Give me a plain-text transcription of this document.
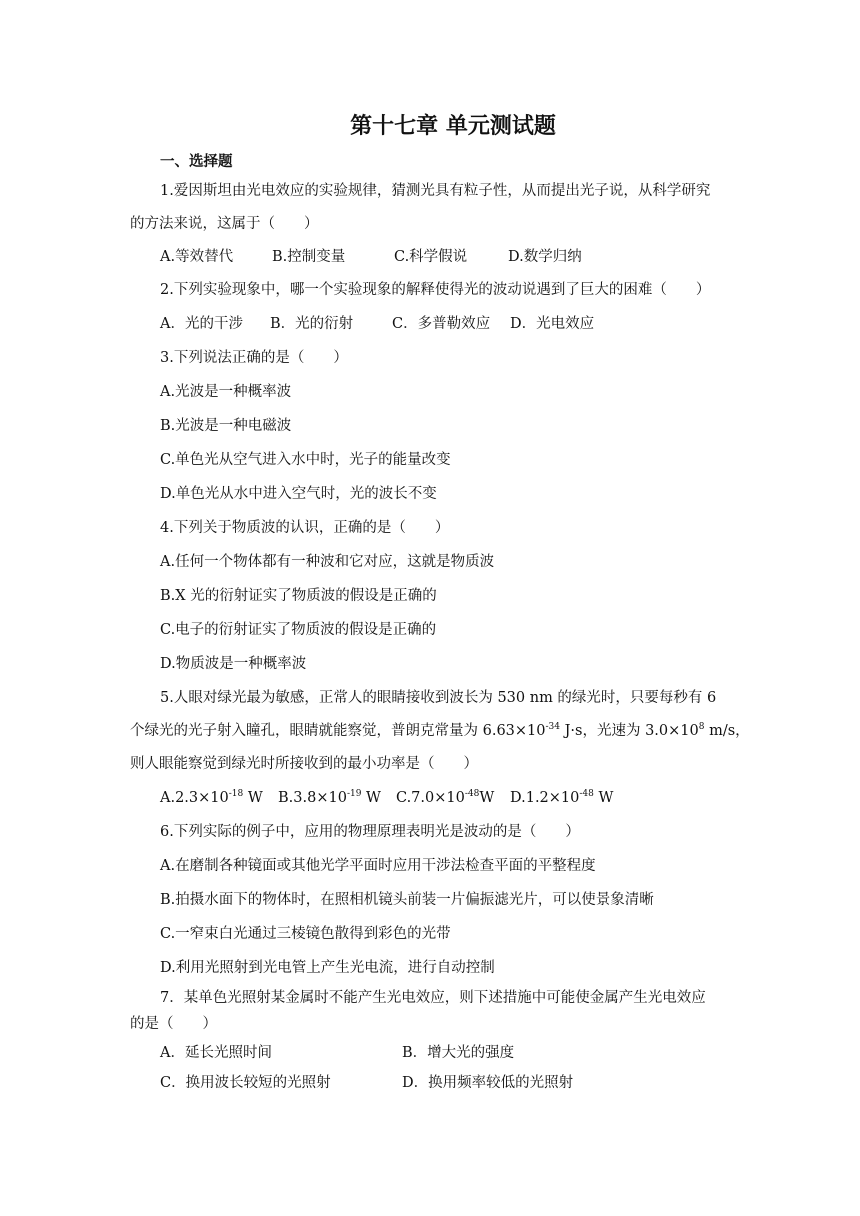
第十七章 单元测试题
一、选择题
1.爱因斯坦由光电效应的实验规律，猜测光具有粒子性，从而提出光子说，从科学研究
的方法来说，这属于（　　）
A.等效替代	B.控制变量	C.科学假说	D.数学归纳
2.下列实验现象中，哪一个实验现象的解释使得光的波动说遇到了巨大的困难（　　）
A．光的干涉 B．光的衍射	C．多普勒效应 D．光电效应
3.下列说法正确的是（　　）
A.光波是一种概率波
B.光波是一种电磁波
C.单色光从空气进入水中时，光子的能量改变
D.单色光从水中进入空气时，光的波长不变
4.下列关于物质波的认识，正确的是（　　）
A.任何一个物体都有一种波和它对应，这就是物质波
B.X 光的衍射证实了物质波的假设是正确的
C.电子的衍射证实了物质波的假设是正确的
D.物质波是一种概率波
5.人眼对绿光最为敏感，正常人的眼睛接收到波长为 530 nm 的绿光时，只要每秒有 6
个绿光的光子射入瞳孔，眼睛就能察觉，普朗克常量为 $6.63\times 10^{-34}$ J·s，光速为 $3.0\times 10^8$ m/s，
则人眼能察觉到绿光时所接收到的最小功率是（　　）
$A.2.3\times 10^{-18}$ W $B.3.8\times 10^{-19}$ W $C.7.0\times 10^{-48}W$ $D.1.2\times 10^{-48}$ W
6.下列实际的例子中，应用的物理原理表明光是波动的是（　　）
A.在磨制各种镜面或其他光学平面时应用干涉法检查平面的平整程度
B.拍摄水面下的物体时，在照相机镜头前装一片偏振滤光片，可以使景象清晰
C.一窄束白光通过三棱镜色散得到彩色的光带
D.利用光照射到光电管上产生光电流，进行自动控制
7．某单色光照射某金属时不能产生光电效应，则下述措施中可能使金属产生光电效应
的是（　　）
A．延长光照时间	B．增大光的强度
C．换用波长较短的光照射	D．换用频率较低的光照射
